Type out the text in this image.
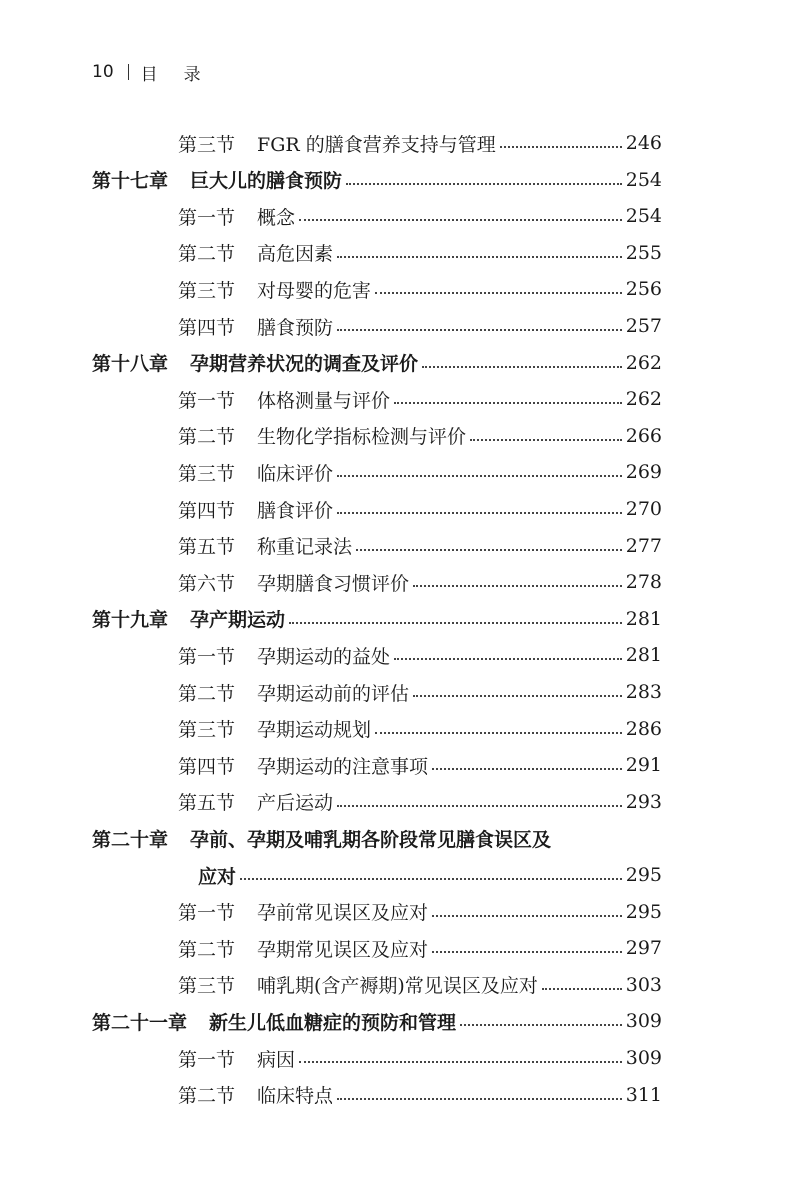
10 目录
第三节 FGR 的膳食营养支持与管理	246
第十七章 巨大儿的膳食预防	254
第一节 概念	254
第二节 高危因素	255
第三节 对母婴的危害	256
第四节 膳食预防	257
第十八章 孕期营养状况的调查及评价	262
第一节 体格测量与评价	262
第二节 生物化学指标检测与评价	266
第三节 临床评价	269
第四节 膳食评价	270
第五节 称重记录法	277
第六节 孕期膳食习惯评价	278
第十九章 孕产期运动	281
第一节 孕期运动的益处	281
第二节 孕期运动前的评估	283
第三节 孕期运动规划	286
第四节 孕期运动的注意事项	291
第五节 产后运动	293
第二十章 孕前、孕期及哺乳期各阶段常见膳食误区及
应对	295
第一节 孕前常见误区及应对	295
第二节 孕期常见误区及应对	297
第三节 哺乳期(含产褥期)常见误区及应对	303
第二十一章 新生儿低血糖症的预防和管理	309
第一节 病因	309
第二节 临床特点	311
